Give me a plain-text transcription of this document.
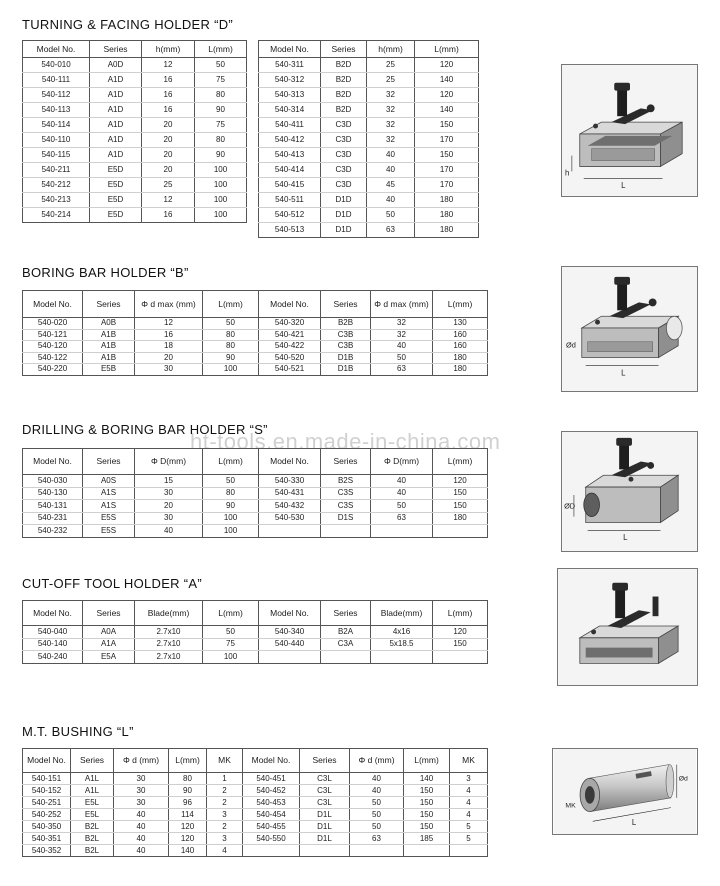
TURNING & FACING HOLDER “D”
Model No.	Series	h(mm)	L(mm)
540-010	A0D	12	50
540-111	A1D	16	75
540-112	A1D	16	80
540-113	A1D	16	90
540-114	A1D	20	75
540-110	A1D	20	80
540-115	A1D	20	90
540-211	E5D	20	100
540-212	E5D	25	100
540-213	E5D	12	100
540-214	E5D	16	100
Model No.	Series	h(mm)	L(mm)
540-311	B2D	25	120
540-312	B2D	25	140
540-313	B2D	32	120
540-314	B2D	32	140
540-411	C3D	32	150
540-412	C3D	32	170
540-413	C3D	40	150
540-414	C3D	40	170
540-415	C3D	45	170
540-511	D1D	40	180
540-512	D1D	50	180
540-513	D1D	63	180
h
L
BORING BAR HOLDER “B”
Model No.	Series	Φ d max (mm)	L(mm)	Model No.	Series	Φ d max (mm)	L(mm)
540-020	A0B	12	50	540-320	B2B	32	130
540-121	A1B	16	80	540-421	C3B	32	160
540-120	A1B	18	80	540-422	C3B	40	160
540-122	A1B	20	90	540-520	D1B	50	180
540-220	E5B	30	100	540-521	D1B	63	180
Ød
L
ht-tools.en.made-in-china.com
DRILLING & BORING BAR HOLDER “S”
Model No.	Series	Φ D(mm)	L(mm)	Model No.	Series	Φ D(mm)	L(mm)
540-030	A0S	15	50	540-330	B2S	40	120
540-130	A1S	30	80	540-431	C3S	40	150
540-131	A1S	20	90	540-432	C3S	50	150
540-231	E5S	30	100	540-530	D1S	63	180
540-232	E5S	40	100				
ØD
L
CUT-OFF TOOL HOLDER “A”
Model No.	Series	Blade(mm)	L(mm)	Model No.	Series	Blade(mm)	L(mm)
540-040	A0A	2.7x10	50	540-340	B2A	4x16	120
540-140	A1A	2.7x10	75	540-440	C3A	5x18.5	150
540-240	E5A	2.7x10	100				
M.T. BUSHING “L”
Model No.	Series	Φ d (mm)	L(mm)	MK	Model No.	Series	Φ d (mm)	L(mm)	MK
540-151	A1L	30	80	1	540-451	C3L	40	140	3
540-152	A1L	30	90	2	540-452	C3L	40	150	4
540-251	E5L	30	96	2	540-453	C3L	50	150	4
540-252	E5L	40	114	3	540-454	D1L	50	150	4
540-350	B2L	40	120	2	540-455	D1L	50	150	5
540-351	B2L	40	120	3	540-550	D1L	63	185	5
540-352	B2L	40	140	4					
Ød
MK
L
